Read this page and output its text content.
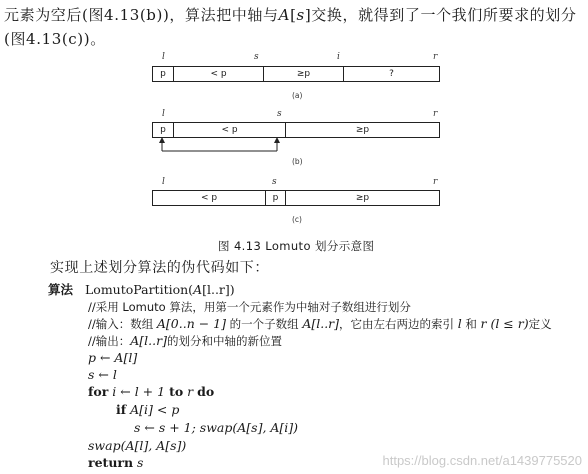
元素为空后(图4.13(b))，算法把中轴与A[s]交换，就得到了一个我们所要求的划分
(图4.13(c))。
l	s	i	r
p	< p	≥p	?
(a)
l	s	r
p	< p	≥p
(b)
l	s	r
< p	p	≥p
(c)
图 4.13 Lomuto 划分示意图
实现上述划分算法的伪代码如下：
算法 LomutoPartition(A[l..r])
//采用 Lomuto 算法，用第一个元素作为中轴对子数组进行划分
//输入：数组 A[0..n − 1] 的一个子数组 A[l..r]，它由左右两边的索引 l 和 r (l ≤ r)定义
//输出：A[l..r]的划分和中轴的新位置
p ← A[l]
s ← l
for i ← l + 1 to r do
if A[i] < p
s ← s + 1; swap(A[s], A[i])
swap(A[l], A[s])
https://blog.csdn.net/a1439775520
return s
